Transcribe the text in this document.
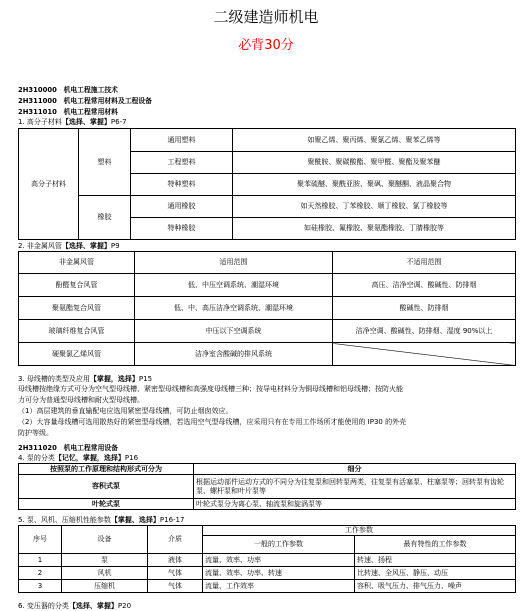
二级建造师机电
必背30分
2H310000　机电工程施工技术
2H311000　机电工程常用材料及工程设备
2H311010　机电工程常用材料
1. 高分子材料【选择、掌握】P6-7
高分子材料	塑料	通用塑料	如聚乙烯、聚丙烯、聚氯乙烯、聚苯乙烯等
		工程塑料	聚酰胺、聚碳酸酯、聚甲醛、聚酯及聚苯醚
		特种塑料	聚苯硫醚、聚酰亚胺、聚砜、聚醚酮、液晶聚合物
	橡胶	通用橡胶	如天然橡胶、丁苯橡胶、顺丁橡胶、氯丁橡胶等
		特种橡胶	如硅橡胶、氟橡胶、聚氨酯橡胶、丁腈橡胶等
2. 非金属风管【选择、掌握】P9
非金属风管	适用范围	不适用范围
酚醛复合风管	低、中压空调系统、潮湿环境	高压、洁净空调、酸碱性、防排烟
聚氨酯复合风管	低、中、高压洁净空调系统、潮湿环境	酸碱性、防排烟
玻璃纤维复合风管	中压以下空调系统	洁净空调、酸碱性、防排烟、湿度 90%以上
硬聚氯乙烯风管	洁净室含酸碱的排风系统	
3. 母线槽的类型及应用【掌握，选择】P15
母线槽按绝缘方式可分为空气型母线槽、紧密型母线槽和高强度母线槽三种；按导电材料分为铜母线槽和铝母线槽；按防火能
力可分为普通型母线槽和耐火型母线槽。
（1）高层建筑的垂直输配电应选用紧密型母线槽，可防止烟囱效应。
（2）大容量母线槽可选用散热好的紧密型母线槽，若选用空气型母线槽，应采用只有在专用工作场所才能使用的 IP30 的外壳
防护等级。
2H311020　机电工程常用设备
4. 泵的分类【记忆，掌握，选择】P16
按照泵的工作原理和结构形式可分为	细分
容积式泵	根据运动部件运动方式的不同分为往复泵和回转泵两类，往复泵有活塞泵、柱塞泵等；回转泵有齿轮泵、螺杆泵和叶片泵等
叶轮式泵	叶轮式泵分为离心泵、轴流泵和旋涡泵等
5. 泵、风机、压缩机性能参数【掌握、选择】P16-17
序号	设备	介质	工作参数	
			一般的工作参数	最有特性的工作参数
1	泵	液体	流量、效率、功率	转速、扬程
2	风机	气体	流量、效率、功率、转速	比转速、全风压、静压、动压
3	压缩机	气体	流量、工作效率	容积、吸气压力、排气压力、噪声
6. 变压器的分类【选择、掌握】P20
